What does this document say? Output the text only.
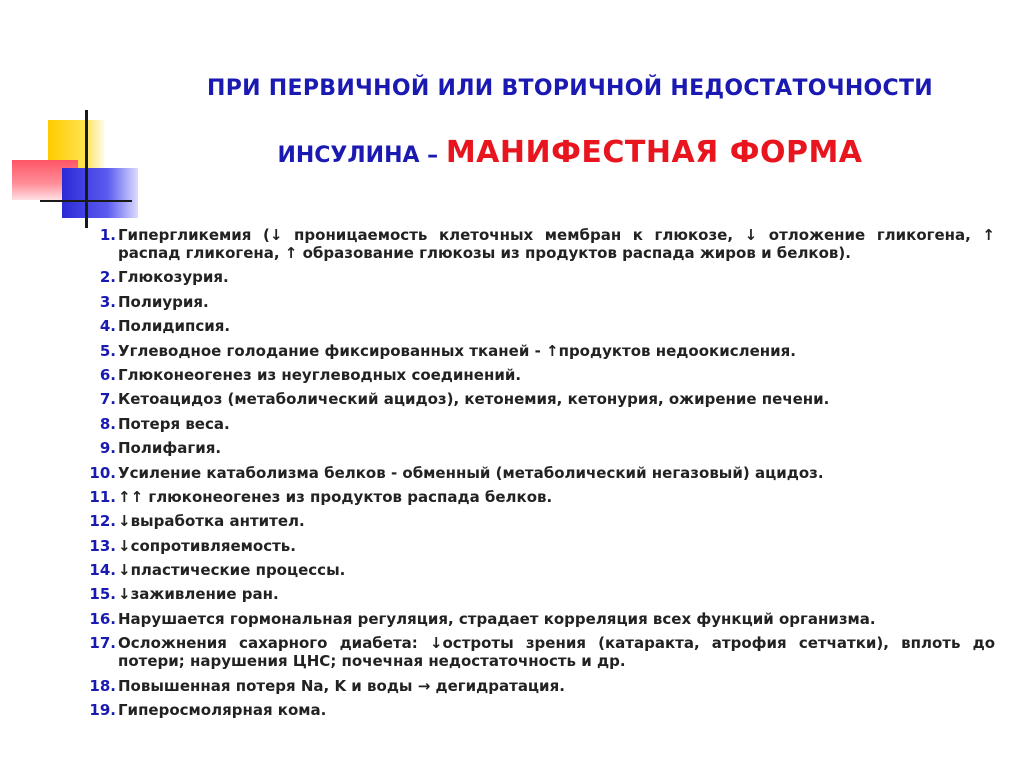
ПРИ ПЕРВИЧНОЙ ИЛИ ВТОРИЧНОЙ НЕДОСТАТОЧНОСТИ
ИНСУЛИНА – МАНИФЕСТНАЯ ФОРМА
1. Гипергликемия (↓ проницаемость клеточных мембран к глюкозе, ↓ отложение гликогена, ↑ распад гликогена, ↑ образование глюкозы из продуктов распада жиров и белков).
2. Глюкозурия.
3. Полиурия.
4. Полидипсия.
5. Углеводное голодание фиксированных тканей - ↑продуктов недоокисления.
6. Глюконеогенез из неуглеводных соединений.
7. Кетоацидоз (метаболический ацидоз), кетонемия, кетонурия, ожирение печени.
8. Потеря веса.
9. Полифагия.
10. Усиление катаболизма белков - обменный (метаболический негазовый) ацидоз.
11. ↑↑ глюконеогенез из продуктов распада белков.
12. ↓выработка антител.
13. ↓сопротивляемость.
14. ↓пластические процессы.
15. ↓заживление ран.
16. Нарушается гормональная регуляция, страдает корреляция всех функций организма.
17. Осложнения сахарного диабета: ↓остроты зрения (катаракта, атрофия сетчатки), вплоть до потери; нарушения ЦНС; почечная недостаточность и др.
18. Повышенная потеря Na, K и воды → дегидратация.
19. Гиперосмолярная кома.
